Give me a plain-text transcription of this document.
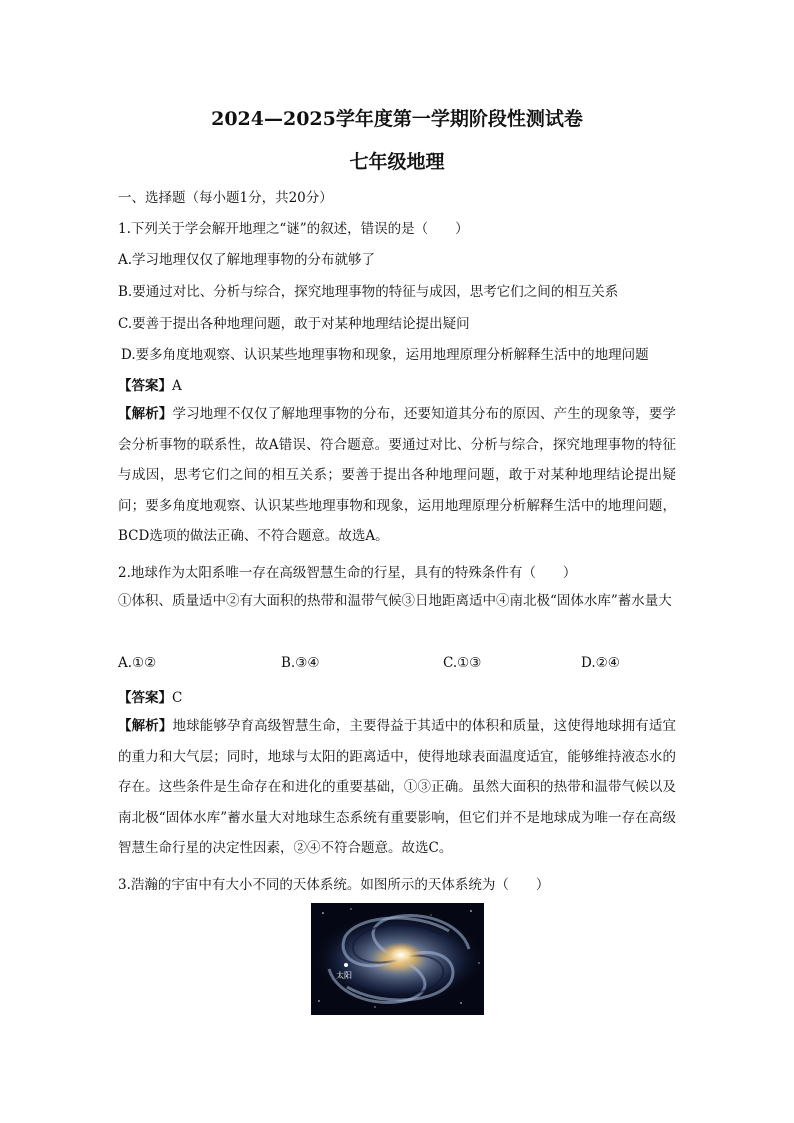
2024—2025学年度第一学期阶段性测试卷
七年级地理
一、选择题（每小题1分，共20分）
1.下列关于学会解开地理之“谜”的叙述，错误的是（　　）
A.学习地理仅仅了解地理事物的分布就够了
B.要通过对比、分析与综合，探究地理事物的特征与成因，思考它们之间的相互关系
C.要善于提出各种地理问题，敢于对某种地理结论提出疑问
D.要多角度地观察、认识某些地理事物和现象，运用地理原理分析解释生活中的地理问题
【答案】A
【解析】学习地理不仅仅了解地理事物的分布，还要知道其分布的原因、产生的现象等，要学会分析事物的联系性，故A错误、符合题意。要通过对比、分析与综合，探究地理事物的特征与成因，思考它们之间的相互关系；要善于提出各种地理问题，敢于对某种地理结论提出疑问；要多角度地观察、认识某些地理事物和现象，运用地理原理分析解释生活中的地理问题，BCD选项的做法正确、不符合题意。故选A。
2.地球作为太阳系唯一存在高级智慧生命的行星，具有的特殊条件有（　　）
①体积、质量适中②有大面积的热带和温带气候③日地距离适中④南北极“固体水库”蓄水量大
A.①②	B.③④	C.①③	D.②④
【答案】C
【解析】地球能够孕育高级智慧生命，主要得益于其适中的体积和质量，这使得地球拥有适宜的重力和大气层；同时，地球与太阳的距离适中，使得地球表面温度适宜，能够维持液态水的存在。这些条件是生命存在和进化的重要基础，①③正确。虽然大面积的热带和温带气候以及南北极“固体水库”蓄水量大对地球生态系统有重要影响，但它们并不是地球成为唯一存在高级智慧生命行星的决定性因素，②④不符合题意。故选C。
3.浩瀚的宇宙中有大小不同的天体系统。如图所示的天体系统为（　　）
太阳
